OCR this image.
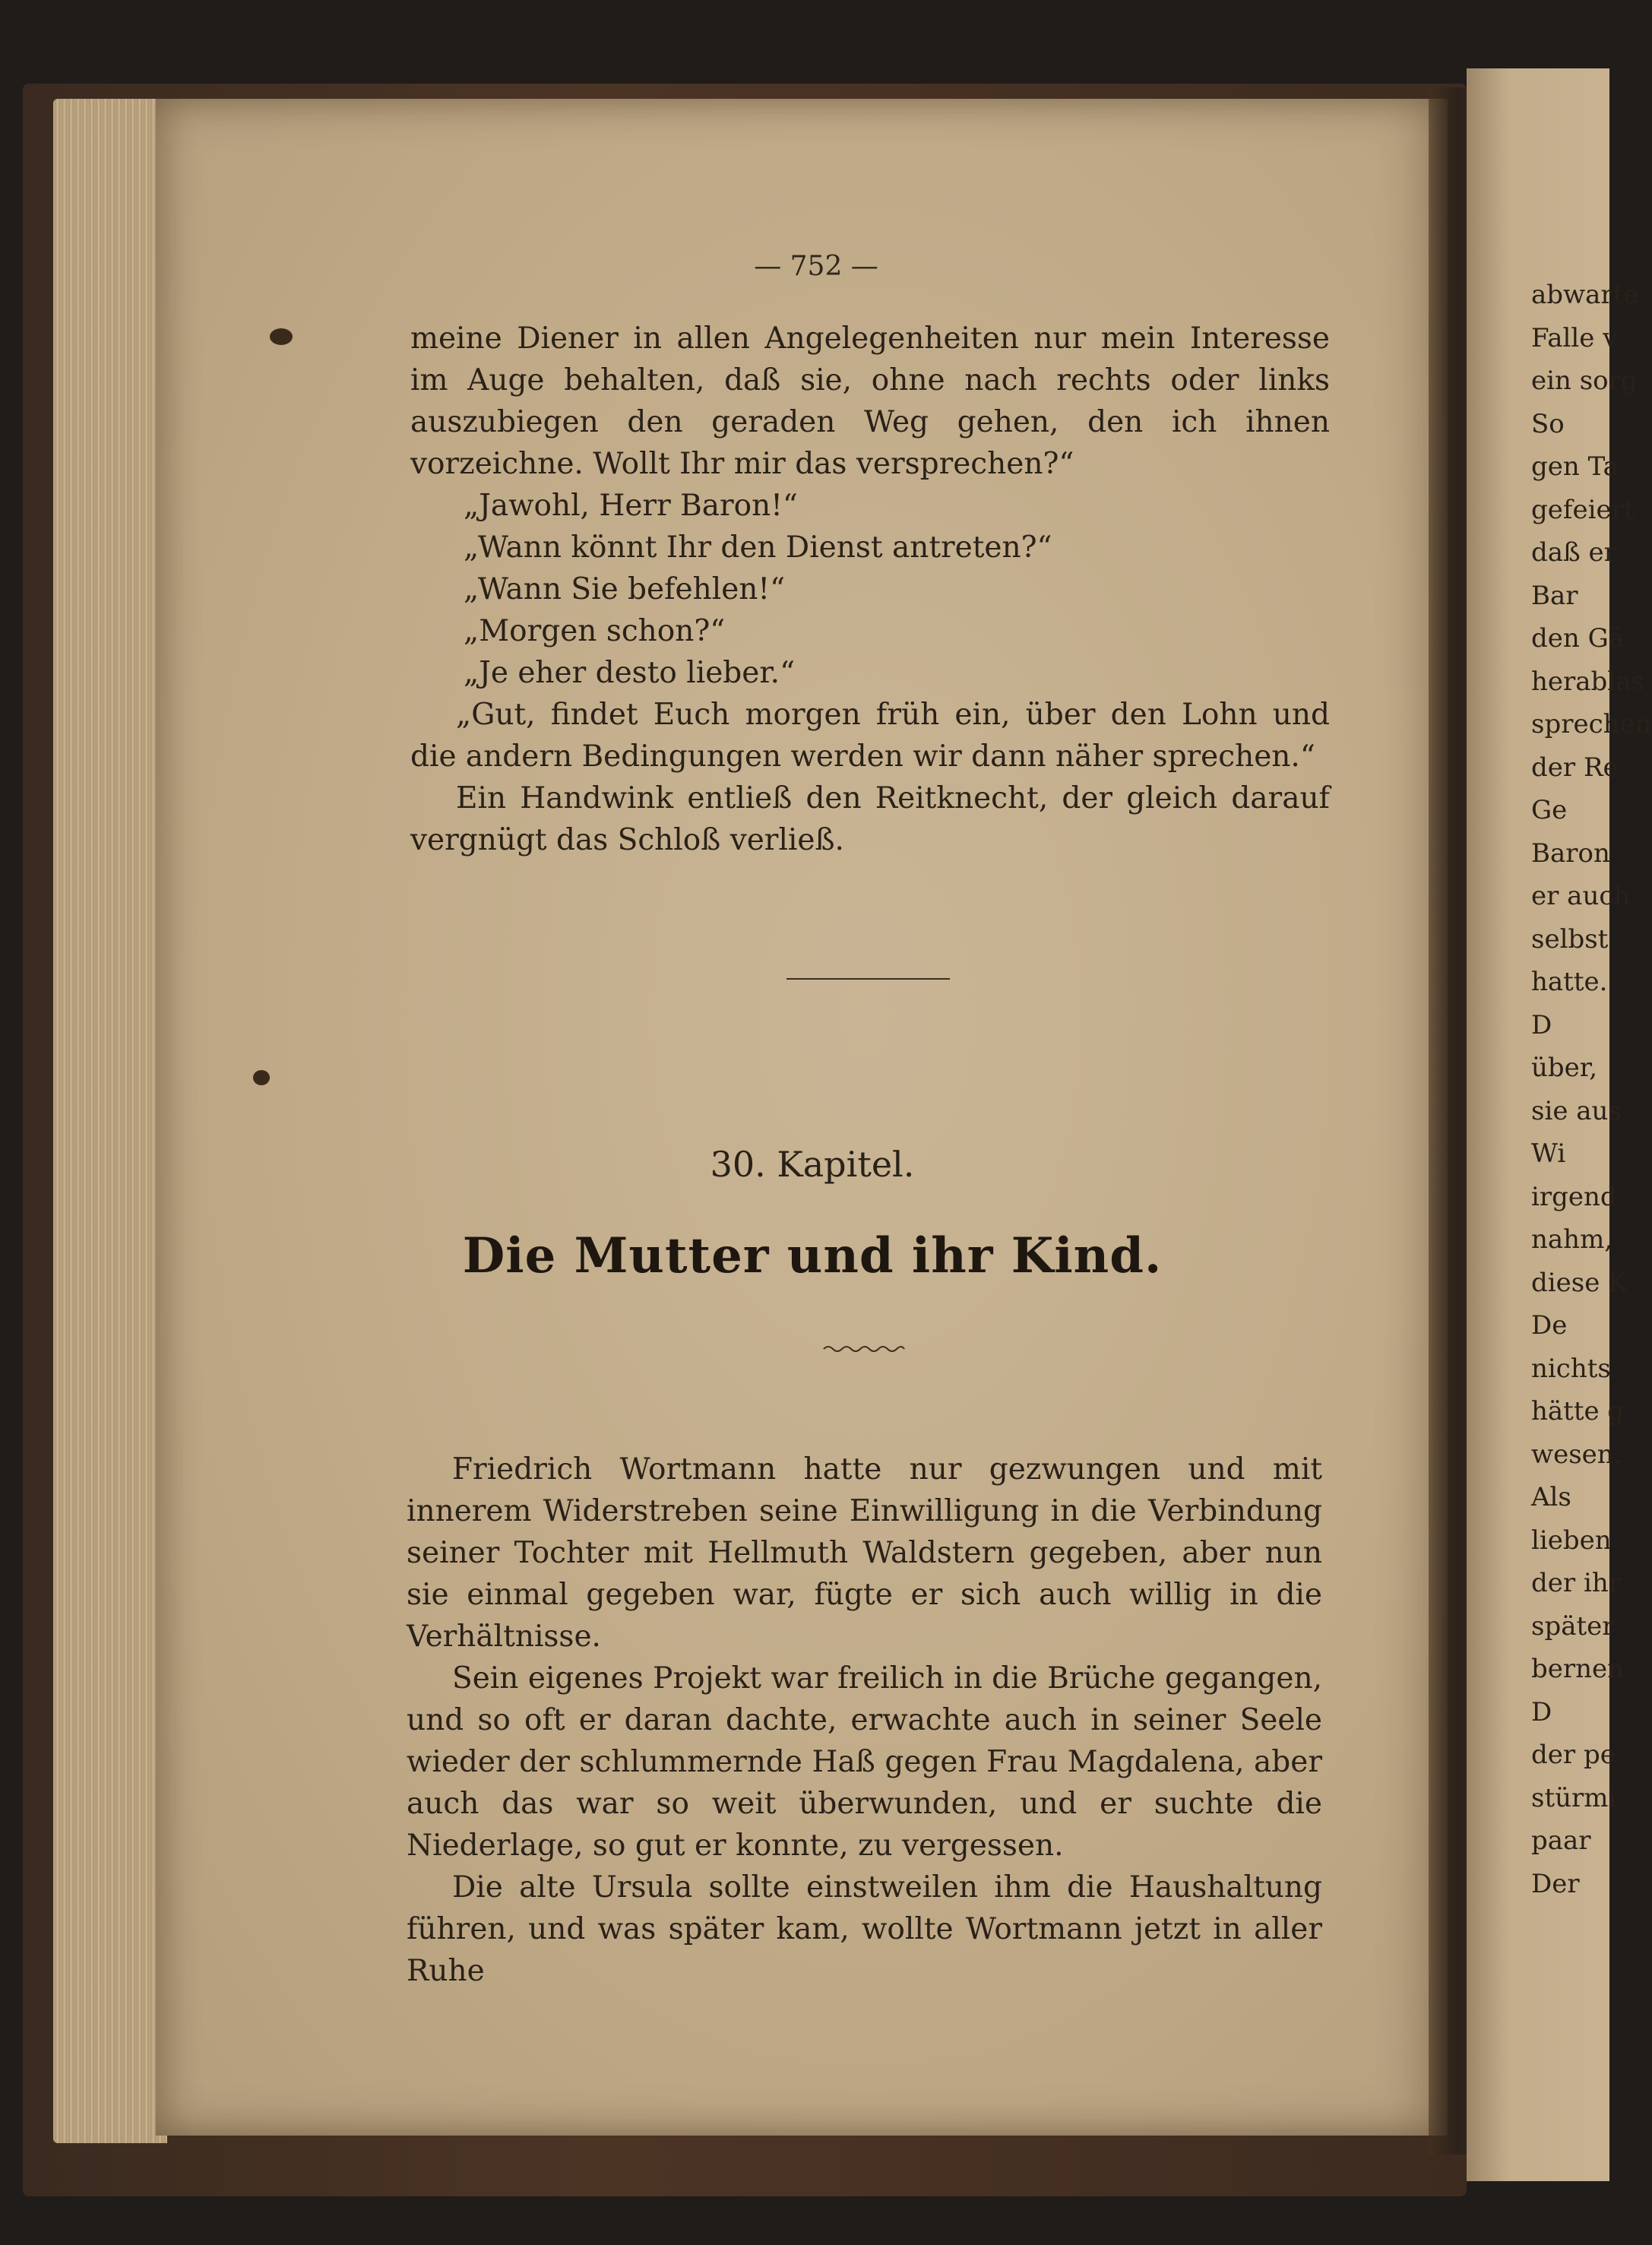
abwarte
Falle v
ein sorg
So
gen Ta
gefeiert
daß er
Bar
den Gä
herablas
sprechen
der Re
Ge
Baron
er auch
selbst
hatte.
D
über,
sie aus
Wi
irgend
nahm,
diese K
De
nichts
hätte g
wesen.
Als
lieben
der ihr
später
bernen
D
der pe
stürmi
paar
Der
— 752 —

meine Diener in allen Angelegenheiten nur mein Interesse im Auge behalten, daß sie, ohne nach rechts oder links auszubiegen den geraden Weg gehen, den ich ihnen vorzeichne. Wollt Ihr mir das versprechen?“

„Jawohl, Herr Baron!“

„Wann könnt Ihr den Dienst antreten?“

„Wann Sie befehlen!“

„Morgen schon?“

„Je eher desto lieber.“

„Gut, findet Euch morgen früh ein, über den Lohn und die andern Bedingungen werden wir dann näher sprechen.“

Ein Handwink entließ den Reitknecht, der gleich darauf vergnügt das Schloß verließ.

30. Kapitel.
Die Mutter und ihr Kind.

Friedrich Wortmann hatte nur gezwungen und mit innerem Widerstreben seine Einwilligung in die Verbindung seiner Tochter mit Hellmuth Waldstern gegeben, aber nun sie einmal gegeben war, fügte er sich auch willig in die Verhältnisse.

Sein eigenes Projekt war freilich in die Brüche gegangen, und so oft er daran dachte, erwachte auch in seiner Seele wieder der schlummernde Haß gegen Frau Magdalena, aber auch das war so weit überwunden, und er suchte die Niederlage, so gut er konnte, zu vergessen.

Die alte Ursula sollte einstweilen ihm die Haushaltung führen, und was später kam, wollte Wortmann jetzt in aller Ruhe
